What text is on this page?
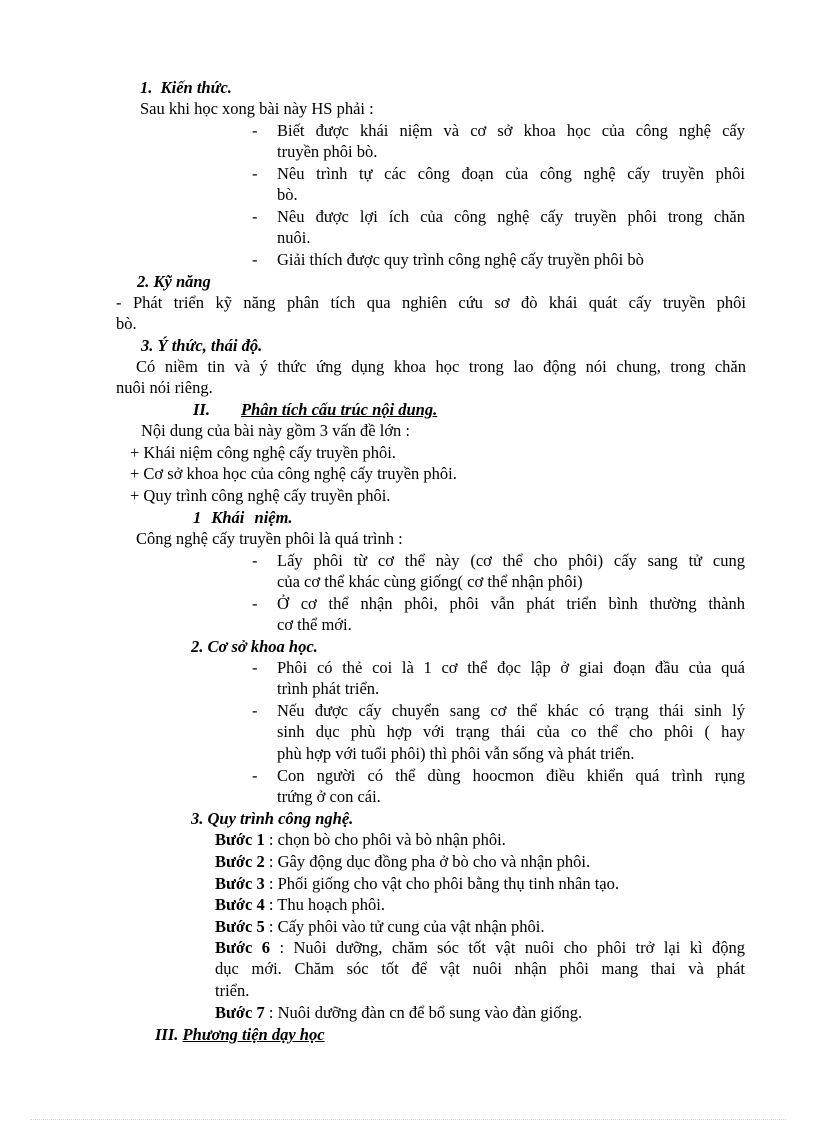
1. Kiến thức.
Sau khi học xong bài này HS phải :
- Biết được khái niệm và cơ sở khoa học của công nghệ cấy
truyền phôi bò.
- Nêu trình tự các công đoạn của công nghệ cấy truyền phôi
bò.
- Nêu được lợi ích của công nghệ cấy truyền phôi trong chăn
nuôi.
- Giải thích được quy trình công nghệ cấy truyền phôi bò
2. Kỹ năng
- Phát triển kỹ năng phân tích qua nghiên cứu sơ đò khái quát cấy truyền phôi
bò.
3. Ý thức, thái độ.
Có niềm tin và ý thức ứng dụng khoa học trong lao động nói chung, trong chăn
nuôi nói riêng.
II. Phân tích cấu trúc nội dung.
Nội dung của bài này gồm 3 vấn đề lớn :
+ Khái niệm công nghệ cấy truyền phôi.
+ Cơ sở khoa học của công nghệ cấy truyền phôi.
+ Quy trình công nghệ cấy truyền phôi.
1 Khái niệm.
Công nghệ cấy truyền phôi là quá trình :
- Lấy phôi từ cơ thể này (cơ thể cho phôi) cấy sang tử cung
của cơ thể khác cùng giống( cơ thể nhận phôi)
- Ở cơ thể nhận phôi, phôi vẫn phát triển bình thường thành
cơ thể mới.
2. Cơ sở khoa học.
- Phôi có thẻ coi là 1 cơ thể đọc lập ở giai đoạn đầu của quá
trình phát triển.
- Nếu được cấy chuyển sang cơ thể khác có trạng thái sinh lý
sinh dục phù hợp với trạng thái của co thể cho phôi ( hay
phù hợp với tuổi phôi) thì phôi vẫn sống và phát triển.
- Con người có thể dùng hoocmon điều khiển quá trình rụng
trứng ở con cái.
3. Quy trình công nghệ.
Bước 1 : chọn bò cho phôi và bò nhận phôi.
Bước 2 : Gây động dục đồng pha ở bò cho và nhận phôi.
Bước 3 : Phối giống cho vật cho phôi bằng thụ tinh nhân tạo.
Bước 4 : Thu hoạch phôi.
Bước 5 : Cấy phôi vào tử cung của vật nhận phôi.
Bước 6 : Nuôi dưỡng, chăm sóc tốt vật nuôi cho phôi trở lại kì động
dục mới. Chăm sóc tốt để vật nuôi nhận phôi mang thai và phát
triển.
Bước 7 : Nuôi dưỡng đàn cn để bổ sung vào đàn giống.
III. Phương tiện dạy học
